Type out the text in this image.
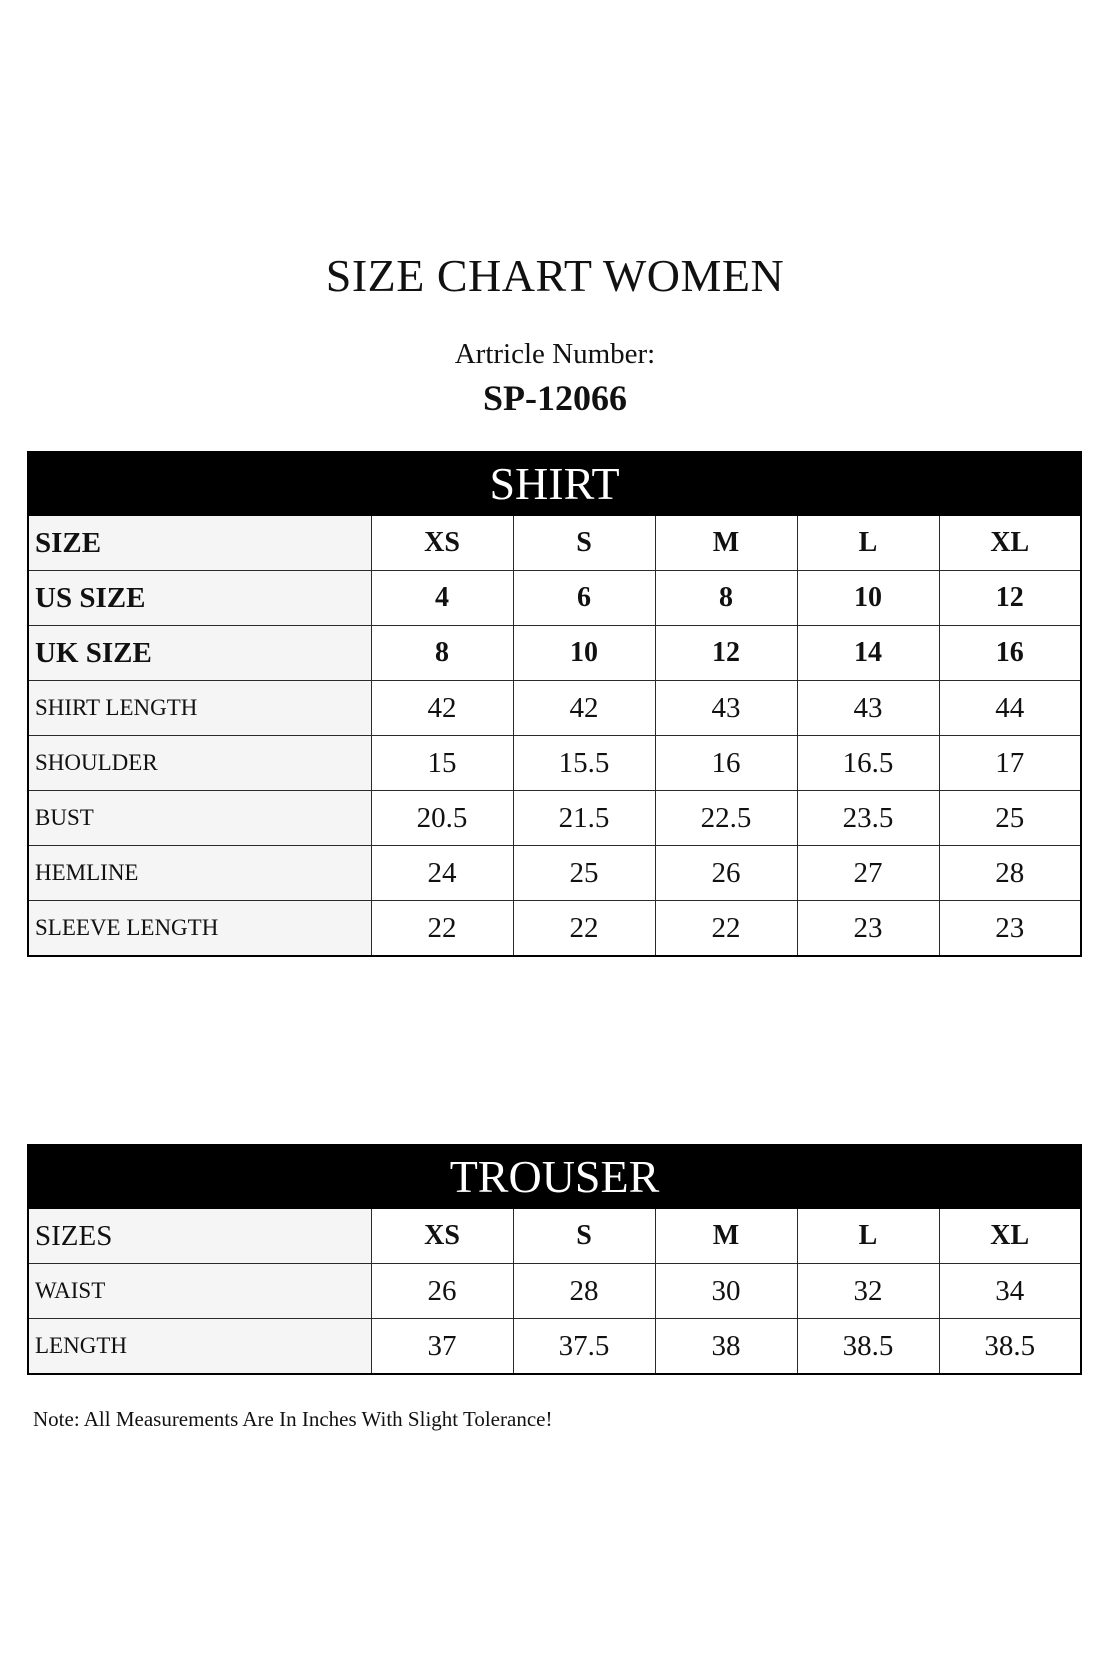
SIZE CHART WOMEN
Artricle Number:
SP-12066
SHIRT					
SIZE	XS	S	M	L	XL
US SIZE	4	6	8	10	12
UK SIZE	8	10	12	14	16
SHIRT LENGTH	42	42	43	43	44
SHOULDER	15	15.5	16	16.5	17
BUST	20.5	21.5	22.5	23.5	25
HEMLINE	24	25	26	27	28
SLEEVE LENGTH	22	22	22	23	23
TROUSER					
SIZES	XS	S	M	L	XL
WAIST	26	28	30	32	34
LENGTH	37	37.5	38	38.5	38.5
Note: All Measurements Are In Inches With Slight Tolerance!
